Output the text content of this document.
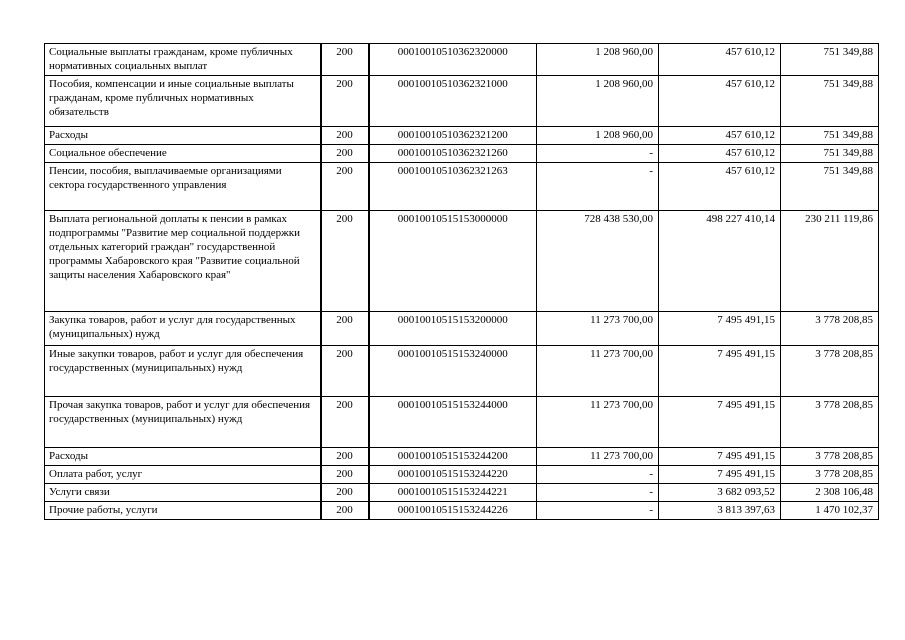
Социальные выплаты гражданам, кроме публичных нормативных социальных выплат	200	00010010510362320000	1 208 960,00	457 610,12	751 349,88
Пособия, компенсации и иные социальные выплаты гражданам, кроме публичных нормативных обязательств	200	00010010510362321000	1 208 960,00	457 610,12	751 349,88
Расходы	200	00010010510362321200	1 208 960,00	457 610,12	751 349,88
Социальное обеспечение	200	00010010510362321260	-	457 610,12	751 349,88
Пенсии, пособия, выплачиваемые организациями сектора государственного управления	200	00010010510362321263	-	457 610,12	751 349,88
Выплата региональной доплаты к пенсии в рамках подпрограммы "Развитие мер социальной поддержки отдельных категорий граждан" государственной программы Хабаровского края "Развитие социальной защиты населения Хабаровского края"	200	00010010515153000000	728 438 530,00	498 227 410,14	230 211 119,86
Закупка товаров, работ и услуг для государственных (муниципальных) нужд	200	00010010515153200000	11 273 700,00	7 495 491,15	3 778 208,85
Иные закупки товаров, работ и услуг для обеспечения государственных (муниципальных) нужд	200	00010010515153240000	11 273 700,00	7 495 491,15	3 778 208,85
Прочая закупка товаров, работ и услуг для обеспечения государственных (муниципальных) нужд	200	00010010515153244000	11 273 700,00	7 495 491,15	3 778 208,85
Расходы	200	00010010515153244200	11 273 700,00	7 495 491,15	3 778 208,85
Оплата работ, услуг	200	00010010515153244220	-	7 495 491,15	3 778 208,85
Услуги связи	200	00010010515153244221	-	3 682 093,52	2 308 106,48
Прочие работы, услуги	200	00010010515153244226	-	3 813 397,63	1 470 102,37
